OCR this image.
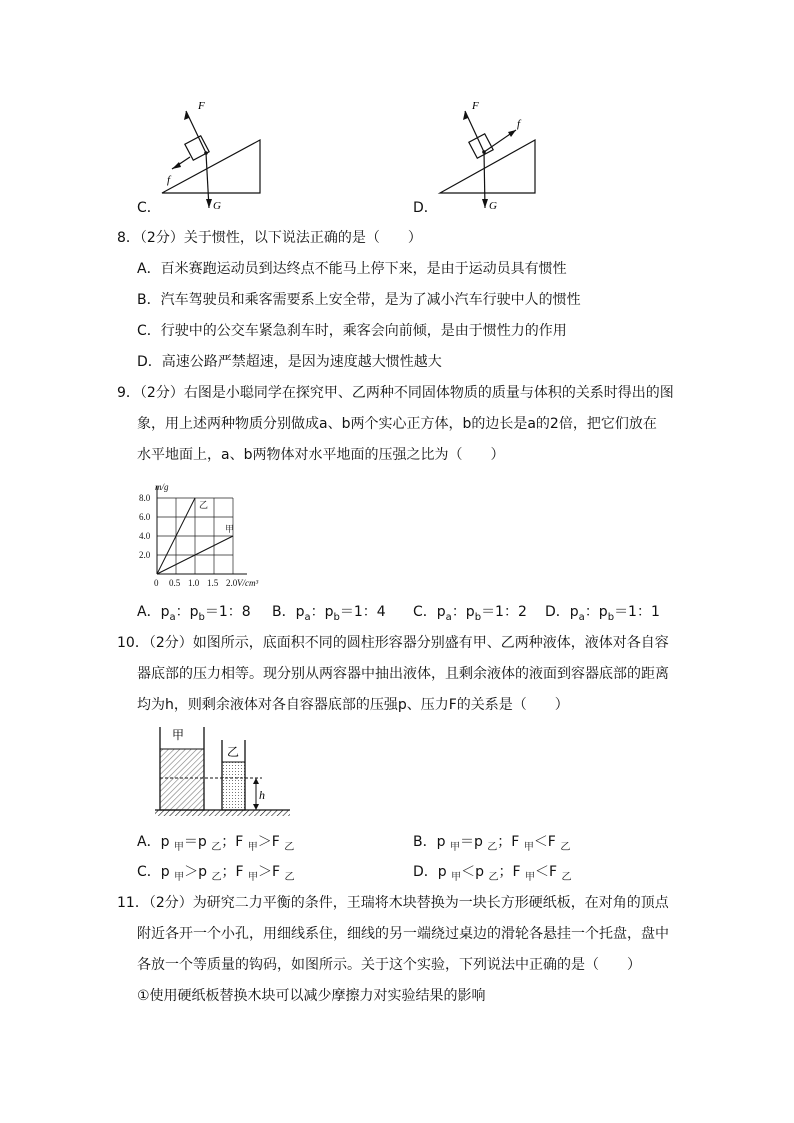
F
f
G
C．
F
f
G
D．
8．（2分）关于惯性，以下说法正确的是（　　）
A．百米赛跑运动员到达终点不能马上停下来，是由于运动员具有惯性
B．汽车驾驶员和乘客需要系上安全带，是为了减小汽车行驶中人的惯性
C．行驶中的公交车紧急刹车时，乘客会向前倾，是由于惯性力的作用
D．高速公路严禁超速，是因为速度越大惯性越大
9．（2分）右图是小聪同学在探究甲、乙两种不同固体物质的质量与体积的关系时得出的图
象，用上述两种物质分别做成a、b两个实心正方体，b的边长是a的2倍，把它们放在
水平地面上，a、b两物体对水平地面的压强之比为（　　）
乙
甲
0 0.5 1.0 1.5 2.0
2.0
4.0
6.0
8.0
V/cm³
m/g
A．$p_a$：$p_b=1$：8 B．$p_a$：$p_b=1$：4 C．$p_a$：$p_b=1$：2 D．$p_a$：$p_b=1$：1
10．（2分）如图所示，底面积不同的圆柱形容器分别盛有甲、乙两种液体，液体对各自容
器底部的压力相等。现分别从两容器中抽出液体，且剩余液体的液面到容器底部的距离
均为h，则剩余液体对各自容器底部的压强p、压力F的关系是（　　）
甲
乙
h
A．p $_甲$＝p $_乙$；F $_甲$＞F $_乙$	B．p $_甲$＝p $_乙$；F $_甲$＜F $_乙$
C．p $_甲$＞p $_乙$；F $_甲$＞F $_乙$	D．p $_甲$＜p $_乙$；F $_甲$＜F $_乙$
11．（2分）为研究二力平衡的条件，王瑞将木块替换为一块长方形硬纸板，在对角的顶点
附近各开一个小孔，用细线系住，细线的另一端绕过桌边的滑轮各悬挂一个托盘，盘中
各放一个等质量的钩码，如图所示。关于这个实验，下列说法中正确的是（　　）
①使用硬纸板替换木块可以减少摩擦力对实验结果的影响
